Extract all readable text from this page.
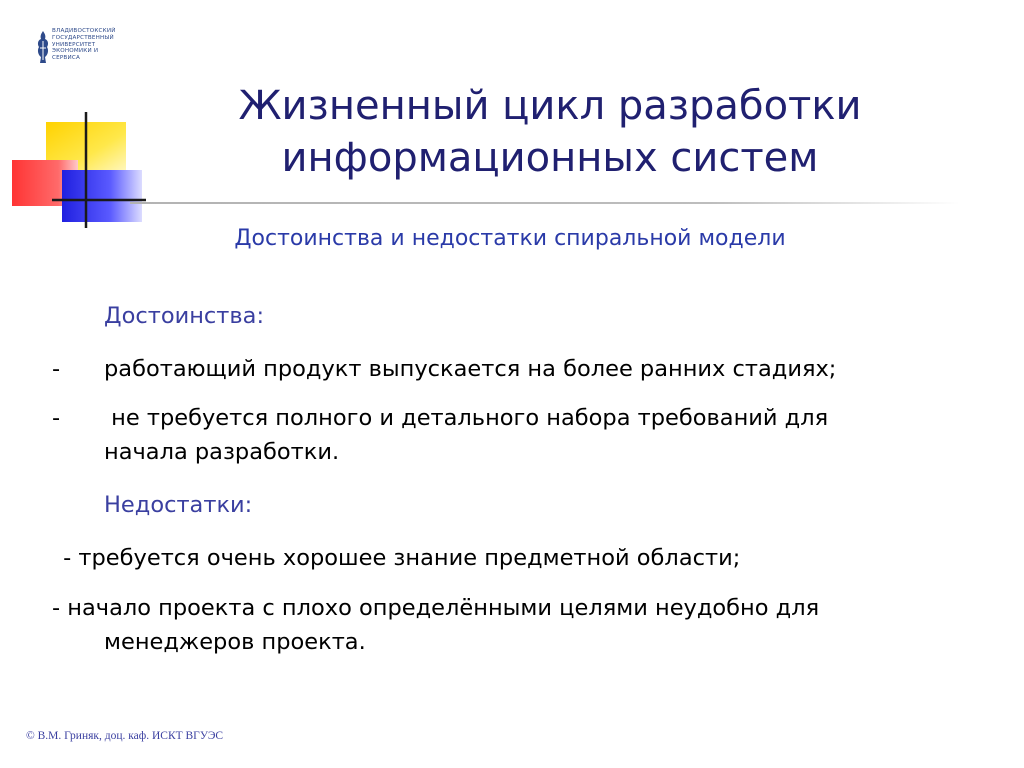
ВЛАДИВОСТОКСКИЙ
ГОСУДАРСТВЕННЫЙ
УНИВЕРСИТЕТ
ЭКОНОМИКИ И
СЕРВИСА
Жизненный цикл разработки
информационных систем
Достоинства и недостатки спиральной модели
Достоинства:
- работающий продукт выпускается на более ранних стадиях;
- не требуется полного и детального набора требований для
начала разработки.
Недостатки:
- требуется очень хорошее знание предметной области;
- начало проекта с плохо определёнными целями неудобно для
менеджеров проекта.
© В.М. Гриняк, доц. каф. ИСКТ ВГУЭС
